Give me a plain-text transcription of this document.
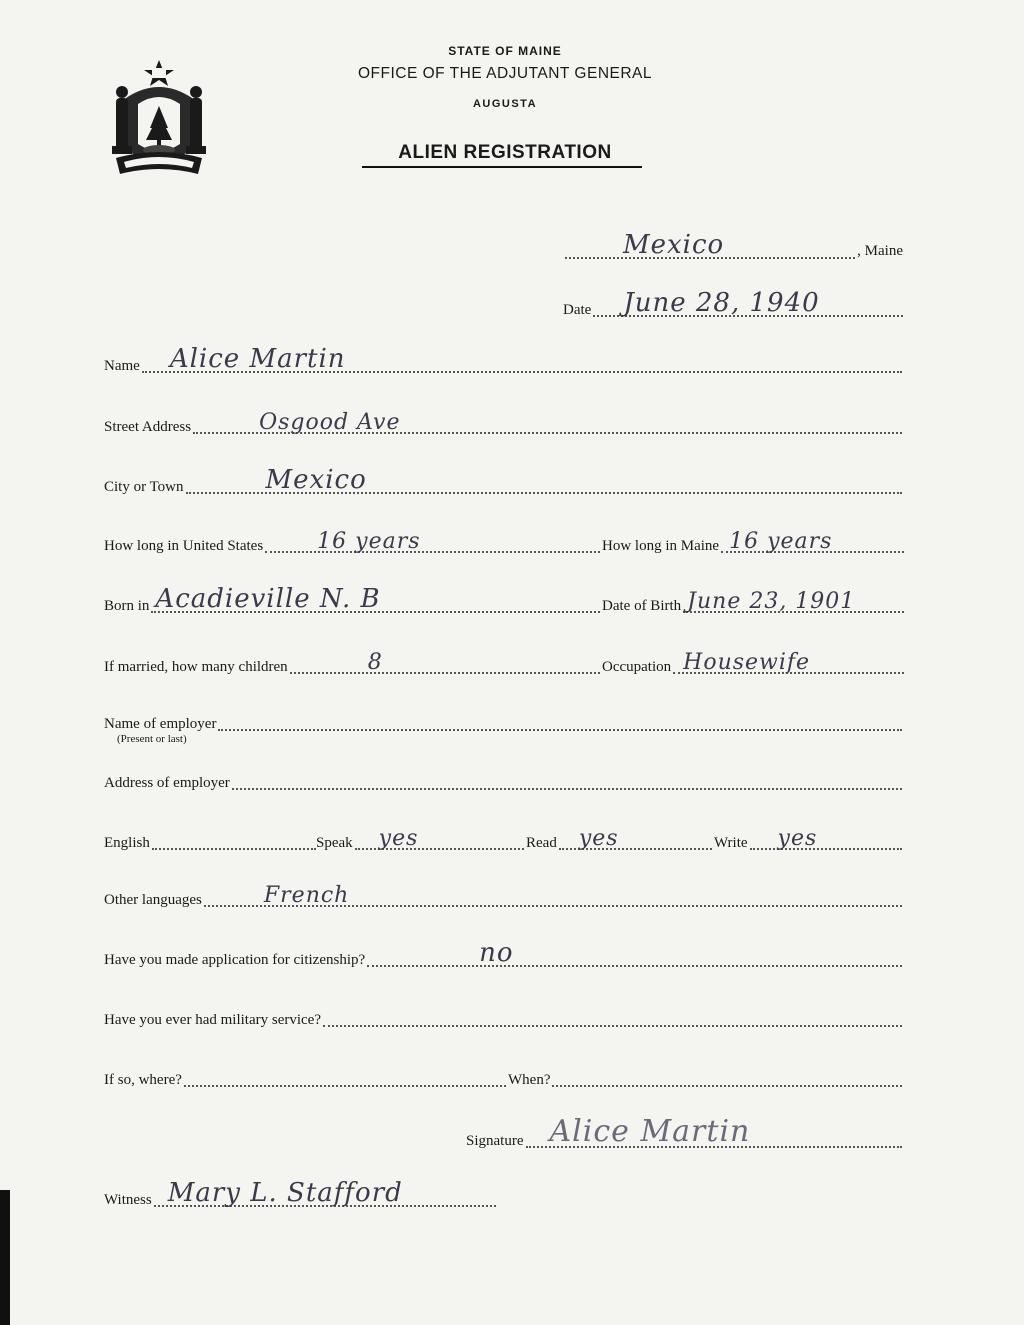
STATE OF MAINE
OFFICE OF THE ADJUTANT GENERAL
AUGUSTA
ALIEN REGISTRATION
Mexico	, Maine
Date June 28, 1940
Name Alice Martin
Street Address	Osgood Ave
City or Town	Mexico
How long in United States 16 years	How long in Maine 16 years
Born in Acadieville N. B	Date of Birth June 23, 1901
If married, how many children	8	Occupation Housewife
Name of employer
(Present or last)
Address of employer
English	Speak yes	Read yes	Write yes
Other languages	French
Have you made application for citizenship?	no
Have you ever had military service?
If so, where?	When?
Signature Alice Martin
Witness Mary L. Stafford
